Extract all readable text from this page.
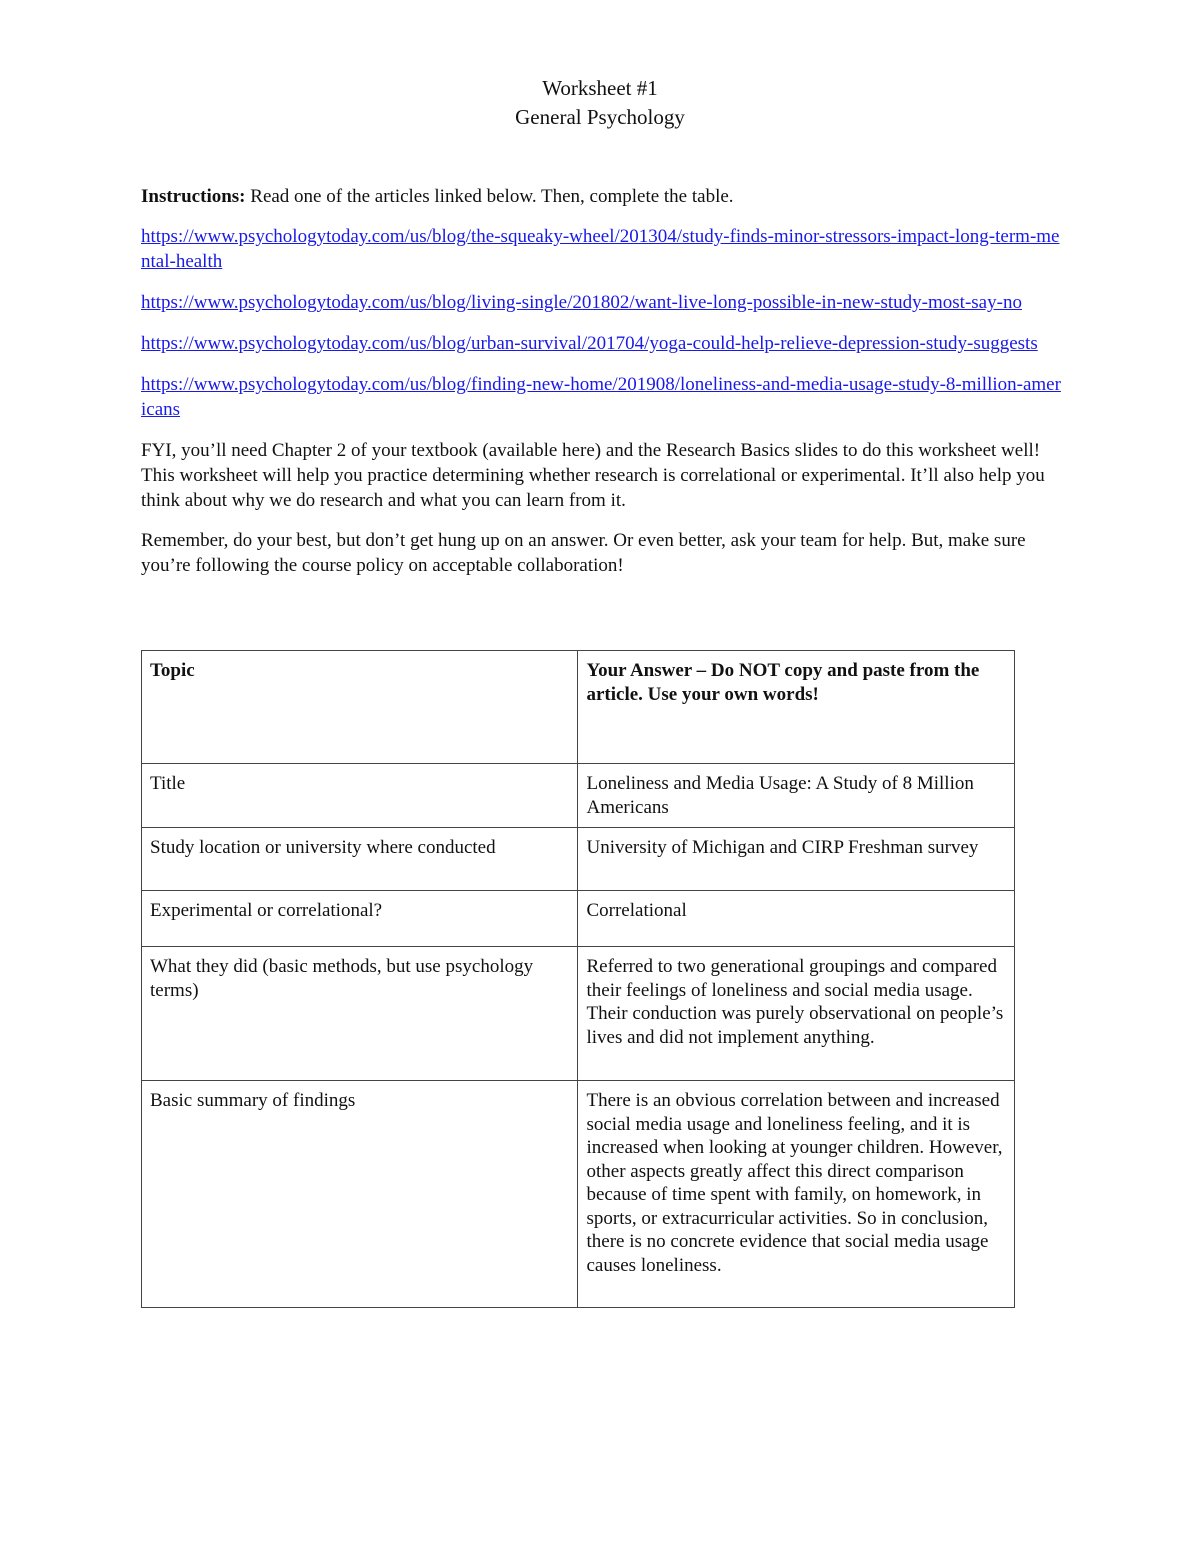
Worksheet #1
General Psychology

Instructions: Read one of the articles linked below. Then, complete the table.

https://www.psychologytoday.com/us/blog/the-squeaky-wheel/201304/study-finds-minor-stressors-impact-long-term-mental-health
https://www.psychologytoday.com/us/blog/living-single/201802/want-live-long-possible-in-new-study-most-say-no
https://www.psychologytoday.com/us/blog/urban-survival/201704/yoga-could-help-relieve-depression-study-suggests
https://www.psychologytoday.com/us/blog/finding-new-home/201908/loneliness-and-media-usage-study-8-million-americans

FYI, you’ll need Chapter 2 of your textbook (available here) and the Research Basics slides to do this worksheet well! This worksheet will help you practice determining whether research is correlational or experimental. It’ll also help you think about why we do research and what you can learn from it.

Remember, do your best, but don’t get hung up on an answer. Or even better, ask your team for help. But, make sure you’re following the course policy on acceptable collaboration!

Topic	Your Answer – Do NOT copy and paste from the article. Use your own words!
Title	Loneliness and Media Usage: A Study of 8 Million Americans
Study location or university where conducted	University of Michigan and CIRP Freshman survey
Experimental or correlational?	Correlational
What they did (basic methods, but use psychology terms)	Referred to two generational groupings and compared their feelings of loneliness and social media usage. Their conduction was purely observational on people’s lives and did not implement anything.
Basic summary of findings	There is an obvious correlation between and increased social media usage and loneliness feeling, and it is increased when looking at younger children. However, other aspects greatly affect this direct comparison because of time spent with family, on homework, in sports, or extracurricular activities. So in conclusion, there is no concrete evidence that social media usage causes loneliness.
